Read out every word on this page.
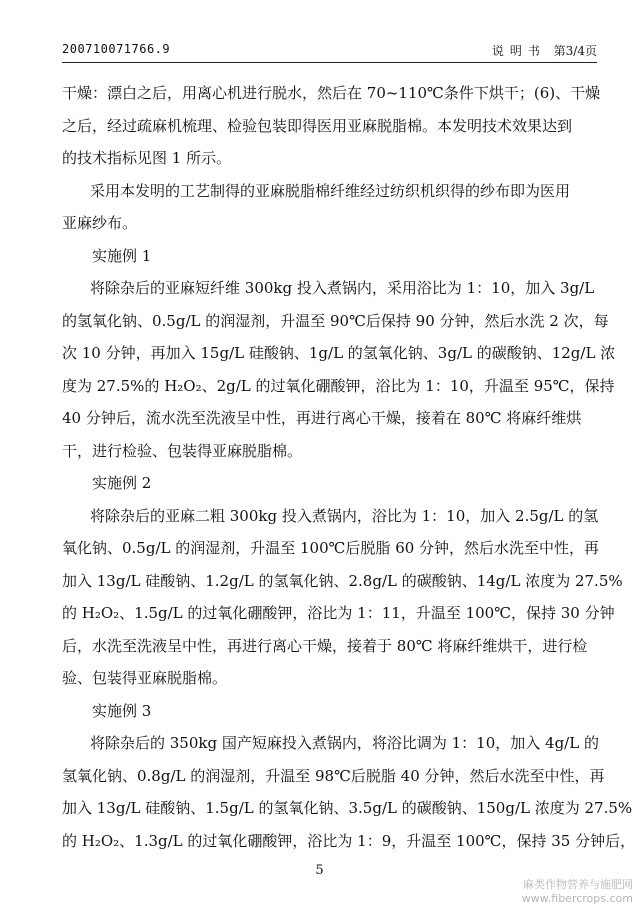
200710071766.9	说明书 第3/4页
干燥：漂白之后，用离心机进行脱水，然后在 70~110℃条件下烘干；(6)、干燥
之后，经过疏麻机梳理、检验包装即得医用亚麻脱脂棉。本发明技术效果达到
的技术指标见图 1 所示。
采用本发明的工艺制得的亚麻脱脂棉纤维经过纺织机织得的纱布即为医用
亚麻纱布。
实施例 1
将除杂后的亚麻短纤维 300kg 投入煮锅内，采用浴比为 1：10，加入 3g/L
的氢氧化钠、0.5g/L 的润湿剂，升温至 90℃后保持 90 分钟，然后水洗 2 次，每
次 10 分钟，再加入 15g/L 硅酸钠、1g/L 的氢氧化钠、3g/L 的碳酸钠、12g/L 浓
度为 27.5%的 H₂O₂、2g/L 的过氧化硼酸钾，浴比为 1：10，升温至 95℃，保持
40 分钟后，流水洗至洗液呈中性，再进行离心干燥，接着在 80℃ 将麻纤维烘
干，进行检验、包装得亚麻脱脂棉。
实施例 2
将除杂后的亚麻二粗 300kg 投入煮锅内，浴比为 1：10，加入 2.5g/L 的氢
氧化钠、0.5g/L 的润湿剂，升温至 100℃后脱脂 60 分钟，然后水洗至中性，再
加入 13g/L 硅酸钠、1.2g/L 的氢氧化钠、2.8g/L 的碳酸钠、14g/L 浓度为 27.5%
的 H₂O₂、1.5g/L 的过氧化硼酸钾，浴比为 1：11，升温至 100℃，保持 30 分钟
后，水洗至洗液呈中性，再进行离心干燥，接着于 80℃ 将麻纤维烘干，进行检
验、包装得亚麻脱脂棉。
实施例 3
将除杂后的 350kg 国产短麻投入煮锅内，将浴比调为 1：10，加入 4g/L 的
氢氧化钠、0.8g/L 的润湿剂，升温至 98℃后脱脂 40 分钟，然后水洗至中性，再
加入 13g/L 硅酸钠、1.5g/L 的氢氧化钠、3.5g/L 的碳酸钠、150g/L 浓度为 27.5%
的 H₂O₂、1.3g/L 的过氧化硼酸钾，浴比为 1：9，升温至 100℃，保持 35 分钟后，
5
麻类作物营养与施肥网
www.fibercrops.com
